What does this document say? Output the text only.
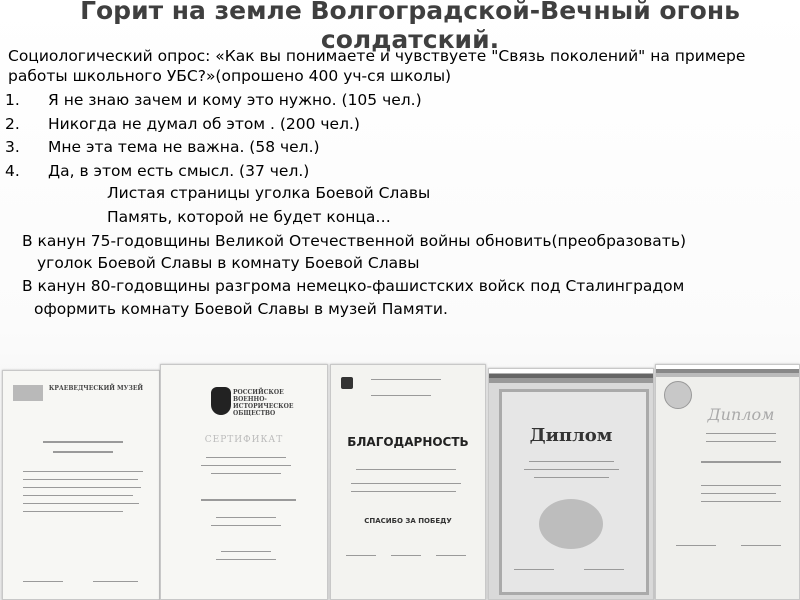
Горит на земле Волгоградской-Вечный огонь солдатский.
Социологический опрос: «Как вы понимаете и чувствуете "Связь поколений" на примере работы школьного УБС?»(опрошено 400 уч-ся школы)
1. Я не знаю зачем и кому это нужно. (105 чел.)
2. Никогда не думал об этом . (200 чел.)
3. Мне эта тема не важна. (58 чел.)
4. Да, в этом есть смысл. (37 чел.)
Листая страницы уголка Боевой Славы
Память, которой не будет конца…
В канун 75-годовщины Великой Отечественной войны обновить(преобразовать)
уголок Боевой Славы в комнату Боевой Славы
В канун 80-годовщины разгрома немецко-фашистских войск под Сталинградом
оформить комнату Боевой Славы в музей Памяти.
КРАЕВЕДЧЕСКИЙ МУЗЕЙ
РОССИЙСКОЕ ВОЕННО-ИСТОРИЧЕСКОЕ ОБЩЕСТВО
СЕРТИФИКАТ	БЛАГОДАРНОСТЬ
СПАСИБО ЗА ПОБЕДУ
Диплом
Диплом
